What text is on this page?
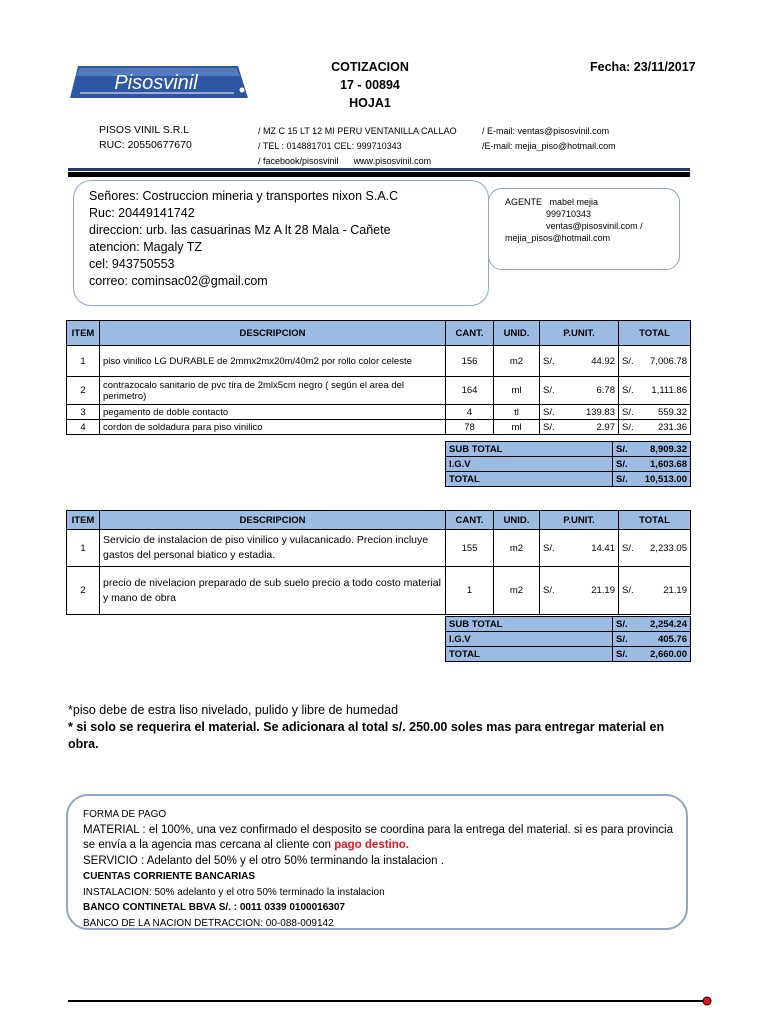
Pisosvinil
COTIZACION
17 - 00894
HOJA1
Fecha: 23/11/2017
PISOS VINIL S.R.L
RUC: 20550677670
/ MZ C 15 LT 12 MI PERU VENTANILLA CALLAO
/ TEL : 014881701 CEL: 999710343
/ facebook/pisosvinil www.pisosvinil.com
/ E-mail: ventas@pisosvinil.com
/E-mail: mejia_piso@hotmail.com
Señores: Costruccion mineria y transportes nixon S.A.C
Ruc: 20449141742
direccion: urb. las casuarinas Mz A lt 28 Mala - Cañete
atencion: Magaly TZ
cel: 943750553
correo: cominsac02@gmail.com
AGENTE mabel mejia
999710343
ventas@pisosvinil.com /
mejia_pisos@hotmail.com
ITEM	DESCRIPCION	CANT.	UNID.	P.UNIT.	TOTAL
1	piso vinilico LG DURABLE de 2mmx2mx20m/40m2 por rollo color celeste	156	m2	S/. 44.92	S/. 7,006.78

2	contrazocalo sanitario de pvc tira de 2mlx5cm negro ( según el area del perimetro)	164	ml	S/. 6.78	S/. 1,111.86

3	pegamento de doble contacto	4	tl	S/. 139.83	S/. 559.32

4	cordon de soldadura para piso vinilico	78	ml	S/. 2.97	S/. 231.36
SUB TOTAL	S/. 8,909.32

I.G.V	S/. 1,603.68

TOTAL	S/. 10,513.00
ITEM	DESCRIPCION	CANT.	UNID.	P.UNIT.	TOTAL
1	Servicio de instalacion de piso vinilico y vulacanicado. Precion incluye gastos del personal biatico y estadia.	155	m2	S/. 14.41	S/. 2,233.05

2	precio de nivelacion preparado de sub suelo precio a todo costo material y mano de obra	1	m2	S/. 21.19	S/. 21.19
SUB TOTAL	S/. 2,254.24

I.G.V	S/. 405.76

TOTAL	S/. 2,660.00
*piso debe de estra liso nivelado, pulido y libre de humedad
* si solo se requerira el material. Se adicionara al total s/. 250.00 soles mas para entregar material en obra.
FORMA DE PAGO
MATERIAL : el 100%, una vez confirmado el desposito se coordina para la entrega del material. si es para provincia se envía a la agencia mas cercana al cliente con pago destino.
SERVICIO : Adelanto del 50% y el otro 50% terminando la instalacion .
CUENTAS CORRIENTE BANCARIAS
INSTALACION: 50% adelanto y el otro 50% terminado la instalacion
BANCO CONTINETAL BBVA S/. : 0011 0339 0100016307
BANCO DE LA NACION DETRACCION: 00-088-009142
